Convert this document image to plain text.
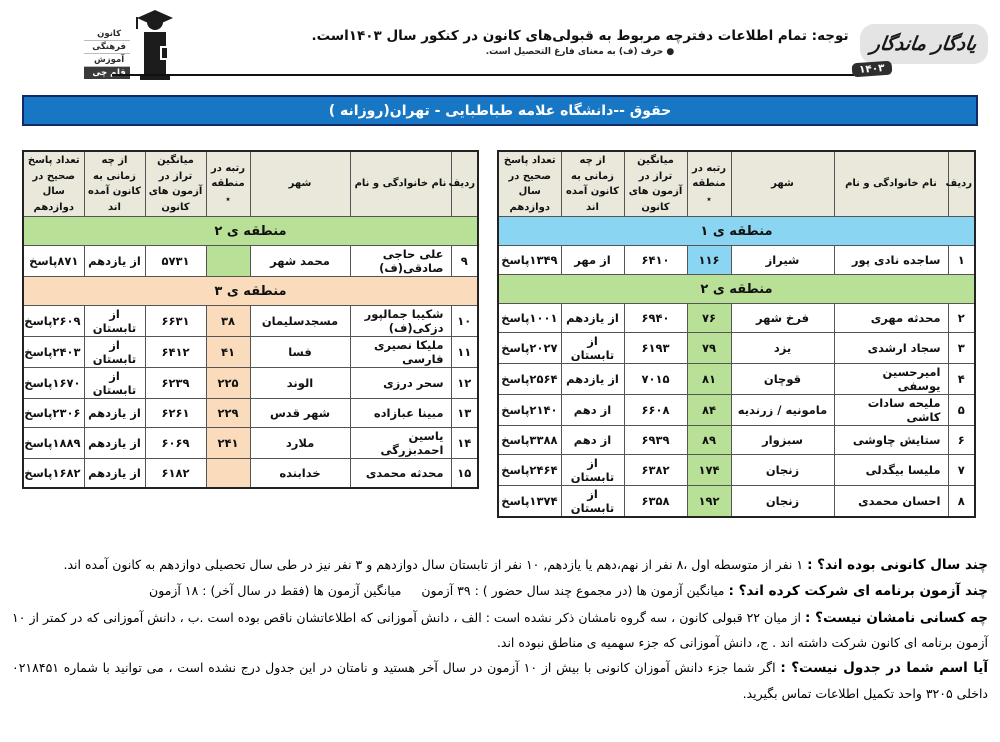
کانون
فرهنگی
آموزش
قلم چی
توجه: تمام اطلاعات دفترچه مربوط به قبولی‌های کانون در کنکور سال ۱۴۰۳است.
● حرف (ف) به معنای فارغ التحصیل است.	یادگار ماندگار
۱۴۰۳
حقوق --دانشگاه علامه طباطبایی - تهران(روزانه )
ردیف	نام خانوادگی و نام	شهر	رتبه در منطقه ٭	میانگین تراز در آزمون های کانون	از چه زمانی به کانون آمده اند	تعداد پاسخ صحیح در سال دوازدهم
منطقه ی ۱						
۱	ساجده نادی پور	شیراز	۱۱۶	۶۴۱۰	از مهر	۱۳۴۹پاسخ
منطقه ی ۲						
۲	محدثه مهری	فرخ شهر	۷۶	۶۹۴۰	از یازدهم	۱۰۰۱پاسخ
۳	سجاد ارشدی	یزد	۷۹	۶۱۹۳	از تابستان	۲۰۲۷پاسخ
۴	امیرحسین یوسفی	قوچان	۸۱	۷۰۱۵	از یازدهم	۲۵۶۴پاسخ
۵	ملیحه سادات کاشی	مامونیه / زرندیه	۸۴	۶۶۰۸	از دهم	۲۱۴۰پاسخ
۶	ستایش چاوشی	سبزوار	۸۹	۶۹۳۹	از دهم	۳۳۸۸پاسخ
۷	ملیسا بیگدلی	زنجان	۱۷۴	۶۳۸۲	از تابستان	۲۴۶۴پاسخ
۸	احسان محمدی	زنجان	۱۹۲	۶۳۵۸	از تابستان	۱۳۷۴پاسخ
ردیف	نام خانوادگی و نام	شهر	رتبه در منطقه ٭	میانگین تراز در آزمون های کانون	از چه زمانی به کانون آمده اند	تعداد پاسخ صحیح در سال دوازدهم
منطقه ی ۲						
۹	علی حاجی صادقی(ف)	محمد شهر		۵۷۳۱	از یازدهم	۸۷۱پاسخ
منطقه ی ۳						
۱۰	شکیبا جمالپور دزکی(ف)	مسجدسلیمان	۳۸	۶۶۳۱	از تابستان	۲۶۰۹پاسخ
۱۱	ملیکا نصیری فارسی	فسا	۴۱	۶۴۱۲	از تابستان	۲۴۰۳پاسخ
۱۲	سحر درزی	الوند	۲۲۵	۶۲۳۹	از تابستان	۱۶۷۰پاسخ
۱۳	مبینا عبازاده	شهر قدس	۲۲۹	۶۲۶۱	از یازدهم	۲۳۰۶پاسخ
۱۴	یاسین احمدبزرگی	ملارد	۲۴۱	۶۰۶۹	از یازدهم	۱۸۸۹پاسخ
۱۵	محدثه محمدی	خدابنده		۶۱۸۲	از یازدهم	۱۶۸۲پاسخ

چند سال کانونی بوده اند؟ : ۱ نفر از متوسطه اول ،۸ نفر از نهم،دهم یا یازدهم, ۱۰ نفر از تابستان سال دوازدهم و ۳ نفر نیز در طی سال تحصیلی دوازدهم به کانون آمده اند.

چند آزمون برنامه ای شرکت کرده اند؟ : میانگین آزمون ها (در مجموع چند سال حضور ) : ۳۹ آزمون     میانگین آزمون ها (فقط در سال آخر) : ۱۸ آزمون

چه کسانی نامشان نیست؟ : از میان ۲۲ قبولی کانون ، سه گروه نامشان ذکر نشده است : الف ، دانش آموزانی که اطلاعاتشان ناقص بوده است .ب ، دانش آموزانی که در کمتر از ۱۰ آزمون برنامه ای کانون شرکت داشته اند . ج، دانش آموزانی که جزء سهمیه ی مناطق نبوده اند.

آیا اسم شما در جدول نیست؟ : اگر شما جزء دانش آموزان کانونی با بیش از ۱۰ آزمون در سال آخر هستید و نامتان در این جدول درج نشده است ، می توانید با شماره ۰۲۱۸۴۵۱ داخلی ۳۲۰۵ واحد تکمیل اطلاعات تماس بگیرید.
